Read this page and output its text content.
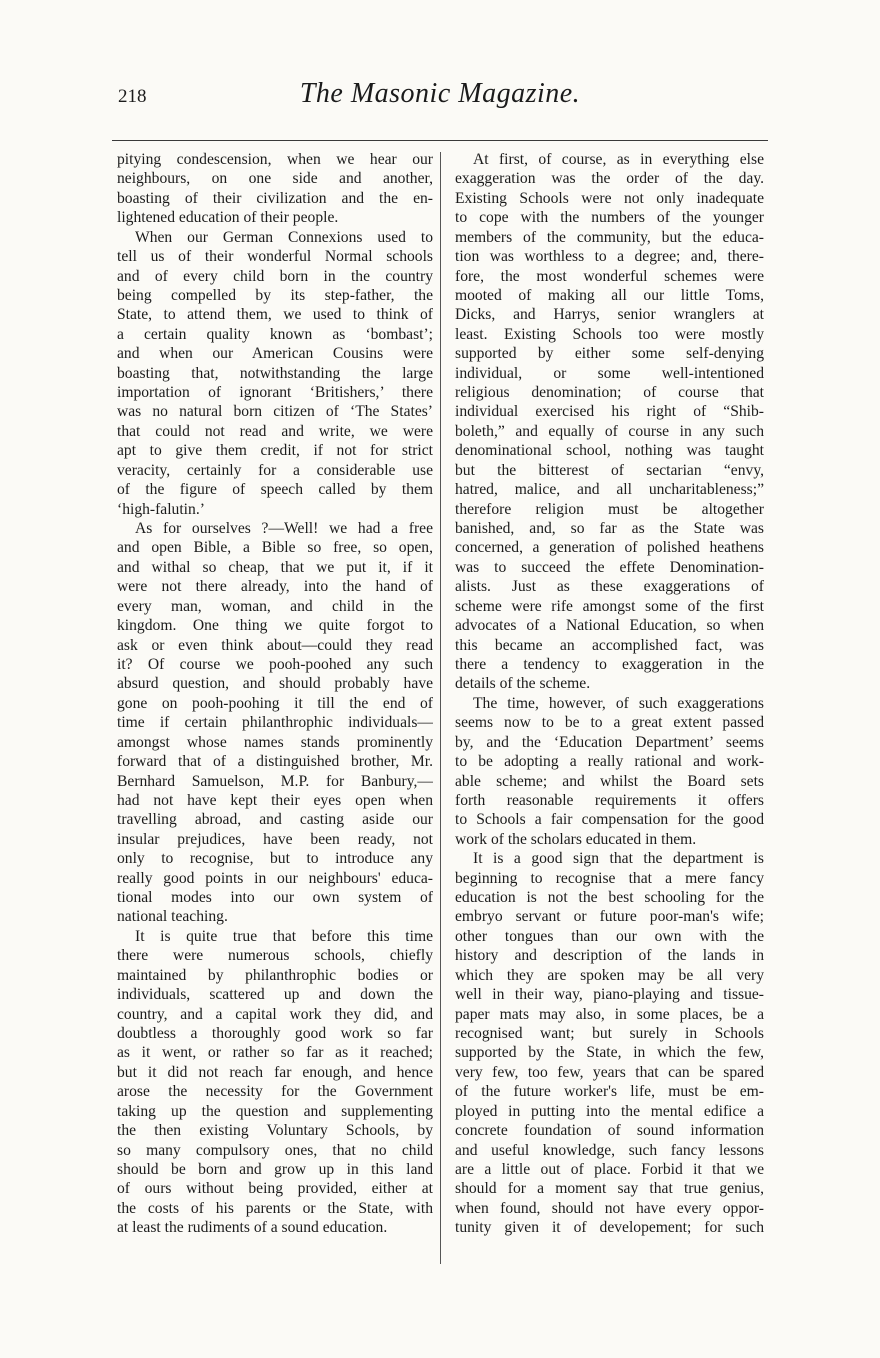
218	The Masonic Magazine.
pitying condescension, when we hear our
neighbours, on one side and another,
boasting of their civilization and the en-
lightened education of their people.
When our German Connexions used to
tell us of their wonderful Normal schools
and of every child born in the country
being compelled by its step-father, the
State, to attend them, we used to think of
a certain quality known as ‘bombast’;
and when our American Cousins were
boasting that, notwithstanding the large
importation of ignorant ‘Britishers,’ there
was no natural born citizen of ‘The States’
that could not read and write, we were
apt to give them credit, if not for strict
veracity, certainly for a considerable use
of the figure of speech called by them
‘high-falutin.’
As for ourselves ?—Well! we had a free
and open Bible, a Bible so free, so open,
and withal so cheap, that we put it, if it
were not there already, into the hand of
every man, woman, and child in the
kingdom. One thing we quite forgot to
ask or even think about—could they read
it? Of course we pooh-poohed any such
absurd question, and should probably have
gone on pooh-poohing it till the end of
time if certain philanthrophic individuals—
amongst whose names stands prominently
forward that of a distinguished brother, Mr.
Bernhard Samuelson, M.P. for Banbury,—
had not have kept their eyes open when
travelling abroad, and casting aside our
insular prejudices, have been ready, not
only to recognise, but to introduce any
really good points in our neighbours' educa-
tional modes into our own system of
national teaching.
It is quite true that before this time
there were numerous schools, chiefly
maintained by philanthrophic bodies or
individuals, scattered up and down the
country, and a capital work they did, and
doubtless a thoroughly good work so far
as it went, or rather so far as it reached;
but it did not reach far enough, and hence
arose the necessity for the Government
taking up the question and supplementing
the then existing Voluntary Schools, by
so many compulsory ones, that no child
should be born and grow up in this land
of ours without being provided, either at
the costs of his parents or the State, with
at least the rudiments of a sound education.
At first, of course, as in everything else
exaggeration was the order of the day.
Existing Schools were not only inadequate
to cope with the numbers of the younger
members of the community, but the educa-
tion was worthless to a degree; and, there-
fore, the most wonderful schemes were
mooted of making all our little Toms,
Dicks, and Harrys, senior wranglers at
least. Existing Schools too were mostly
supported by either some self-denying
individual, or some well-intentioned
religious denomination; of course that
individual exercised his right of “Shib-
boleth,” and equally of course in any such
denominational school, nothing was taught
but the bitterest of sectarian “envy,
hatred, malice, and all uncharitableness;”
therefore religion must be altogether
banished, and, so far as the State was
concerned, a generation of polished heathens
was to succeed the effete Denomination-
alists. Just as these exaggerations of
scheme were rife amongst some of the first
advocates of a National Education, so when
this became an accomplished fact, was
there a tendency to exaggeration in the
details of the scheme.
The time, however, of such exaggerations
seems now to be to a great extent passed
by, and the ‘Education Department’ seems
to be adopting a really rational and work-
able scheme; and whilst the Board sets
forth reasonable requirements it offers
to Schools a fair compensation for the good
work of the scholars educated in them.
It is a good sign that the department is
beginning to recognise that a mere fancy
education is not the best schooling for the
embryo servant or future poor-man's wife;
other tongues than our own with the
history and description of the lands in
which they are spoken may be all very
well in their way, piano-playing and tissue-
paper mats may also, in some places, be a
recognised want; but surely in Schools
supported by the State, in which the few,
very few, too few, years that can be spared
of the future worker's life, must be em-
ployed in putting into the mental edifice a
concrete foundation of sound information
and useful knowledge, such fancy lessons
are a little out of place. Forbid it that we
should for a moment say that true genius,
when found, should not have every oppor-
tunity given it of developement; for such
